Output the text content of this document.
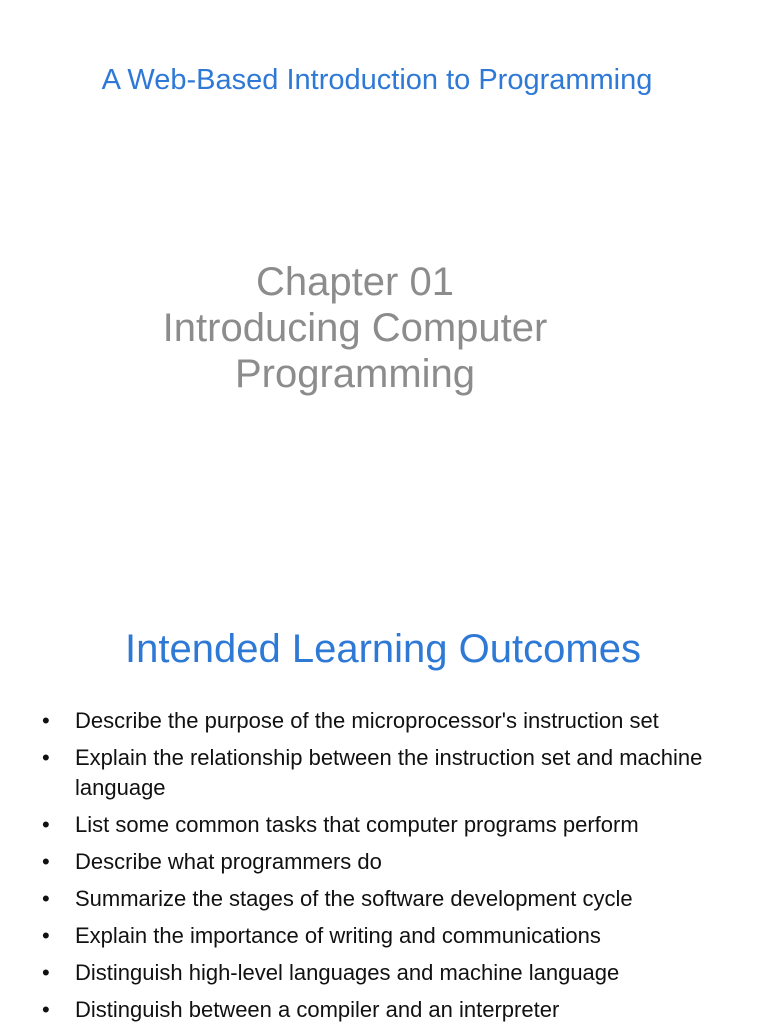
A Web-Based Introduction to Programming
Chapter 01
Introducing Computer
Programming
Intended Learning Outcomes
• Describe the purpose of the microprocessor's instruction set
• Explain the relationship between the instruction set and machine language
• List some common tasks that computer programs perform
• Describe what programmers do
• Summarize the stages of the software development cycle
• Explain the importance of writing and communications
• Distinguish high-level languages and machine language
• Distinguish between a compiler and an interpreter
